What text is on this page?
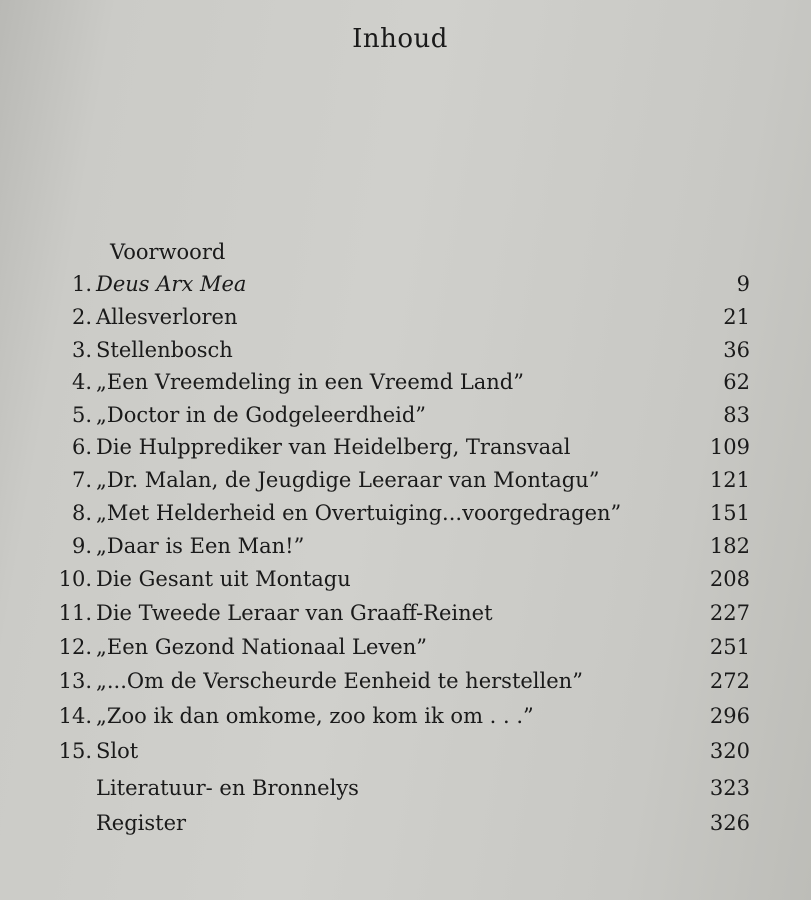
Inhoud
Voorwoord
1. Deus Arx Mea	9
2. Allesverloren	21
3. Stellenbosch	36
4. „Een Vreemdeling in een Vreemd Land”	62
5. „Doctor in de Godgeleerdheid”	83
6. Die Hulpprediker van Heidelberg, Transvaal	109
7. „Dr. Malan, de Jeugdige Leeraar van Montagu”	121
8. „Met Helderheid en Overtuiging...voorgedragen”	151
9. „Daar is Een Man!”	182
10. Die Gesant uit Montagu	208
11. Die Tweede Leraar van Graaff-Reinet	227
12. „Een Gezond Nationaal Leven”	251
13. „...Om de Verscheurde Eenheid te herstellen”	272
14. „Zoo ik dan omkome, zoo kom ik om . . .”	296
15. Slot	320
Literatuur- en Bronnelys	323
Register	326
